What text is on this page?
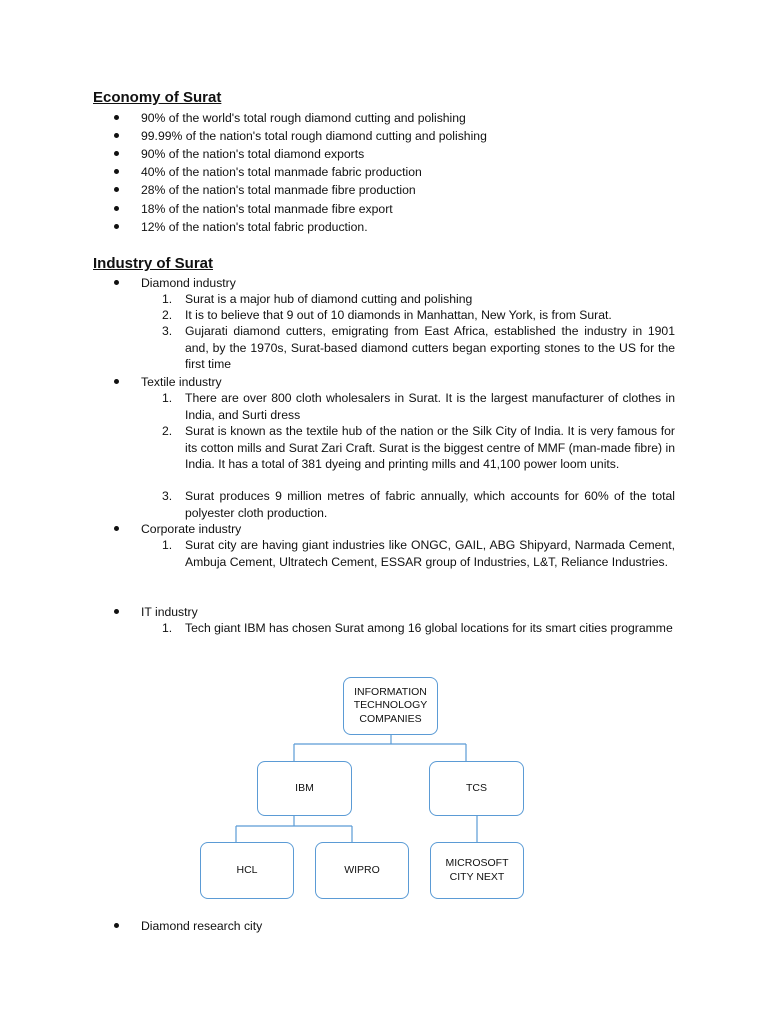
Economy of Surat
90% of the world's total rough diamond cutting and polishing
99.99% of the nation's total rough diamond cutting and polishing
90% of the nation's total diamond exports
40% of the nation's total manmade fabric production
28% of the nation's total manmade fibre production
18% of the nation's total manmade fibre export
12% of the nation's total fabric production.
Industry of Surat
Diamond industry
1. Surat is a major hub of diamond cutting and polishing
2. It is to believe that 9 out of 10 diamonds in Manhattan, New York, is from Surat.
3. Gujarati diamond cutters, emigrating from East Africa, established the industry in 1901 and, by the 1970s, Surat-based diamond cutters began exporting stones to the US for the first time
Textile industry
1. There are over 800 cloth wholesalers in Surat. It is the largest manufacturer of clothes in India, and Surti dress
2. Surat is known as the textile hub of the nation or the Silk City of India. It is very famous for its cotton mills and Surat Zari Craft. Surat is the biggest centre of MMF (man-made fibre) in India. It has a total of 381 dyeing and printing mills and 41,100 power loom units.
3. Surat produces 9 million metres of fabric annually, which accounts for 60% of the total polyester cloth production.
Corporate industry
1. Surat city are having giant industries like ONGC, GAIL, ABG Shipyard, Narmada Cement, Ambuja Cement, Ultratech Cement, ESSAR group of Industries, L&T, Reliance Industries.
IT industry
1. Tech giant IBM has chosen Surat among 16 global locations for its smart cities programme
INFORMATION TECHNOLOGY COMPANIES
IBM	TCS
HCL	WIPRO
MICROSOFT CITY NEXT
Diamond research city
